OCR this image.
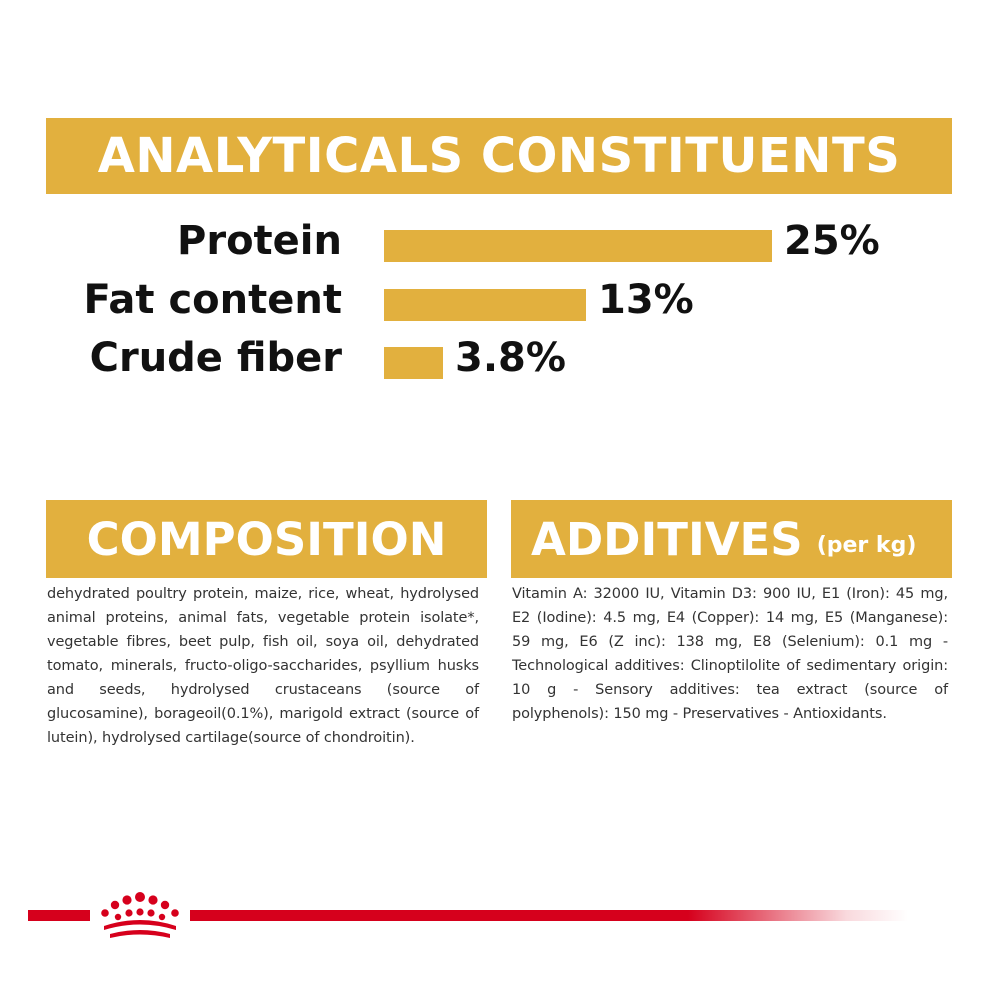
ANALYTICALS CONSTITUENTS
Protein	25%
Fat content	13%
Crude fiber	3.8%
COMPOSITION
dehydrated poultry protein, maize, rice, wheat, hydrolysed animal proteins, animal fats, vegetable protein isolate*, vegetable fibres, beet pulp, fish oil, soya oil, dehydrated tomato, minerals, fructo-oligo-saccharides, psyllium husks and seeds, hydrolysed crustaceans (source of glucosamine), borageoil(0.1%), marigold extract (source of lutein), hydrolysed cartilage(source of chondroitin).
ADDITIVES (per kg)
Vitamin A: 32000 IU, Vitamin D3: 900 IU, E1 (Iron): 45 mg, E2 (Iodine): 4.5 mg, E4 (Copper): 14 mg, E5 (Manganese): 59 mg, E6 (Z inc): 138 mg, E8 (Selenium): 0.1 mg - Technological additives: Clinoptilolite of sedimentary origin: 10 g - Sensory additives: tea extract (source of polyphenols): 150 mg - Preservatives - Antioxidants.
